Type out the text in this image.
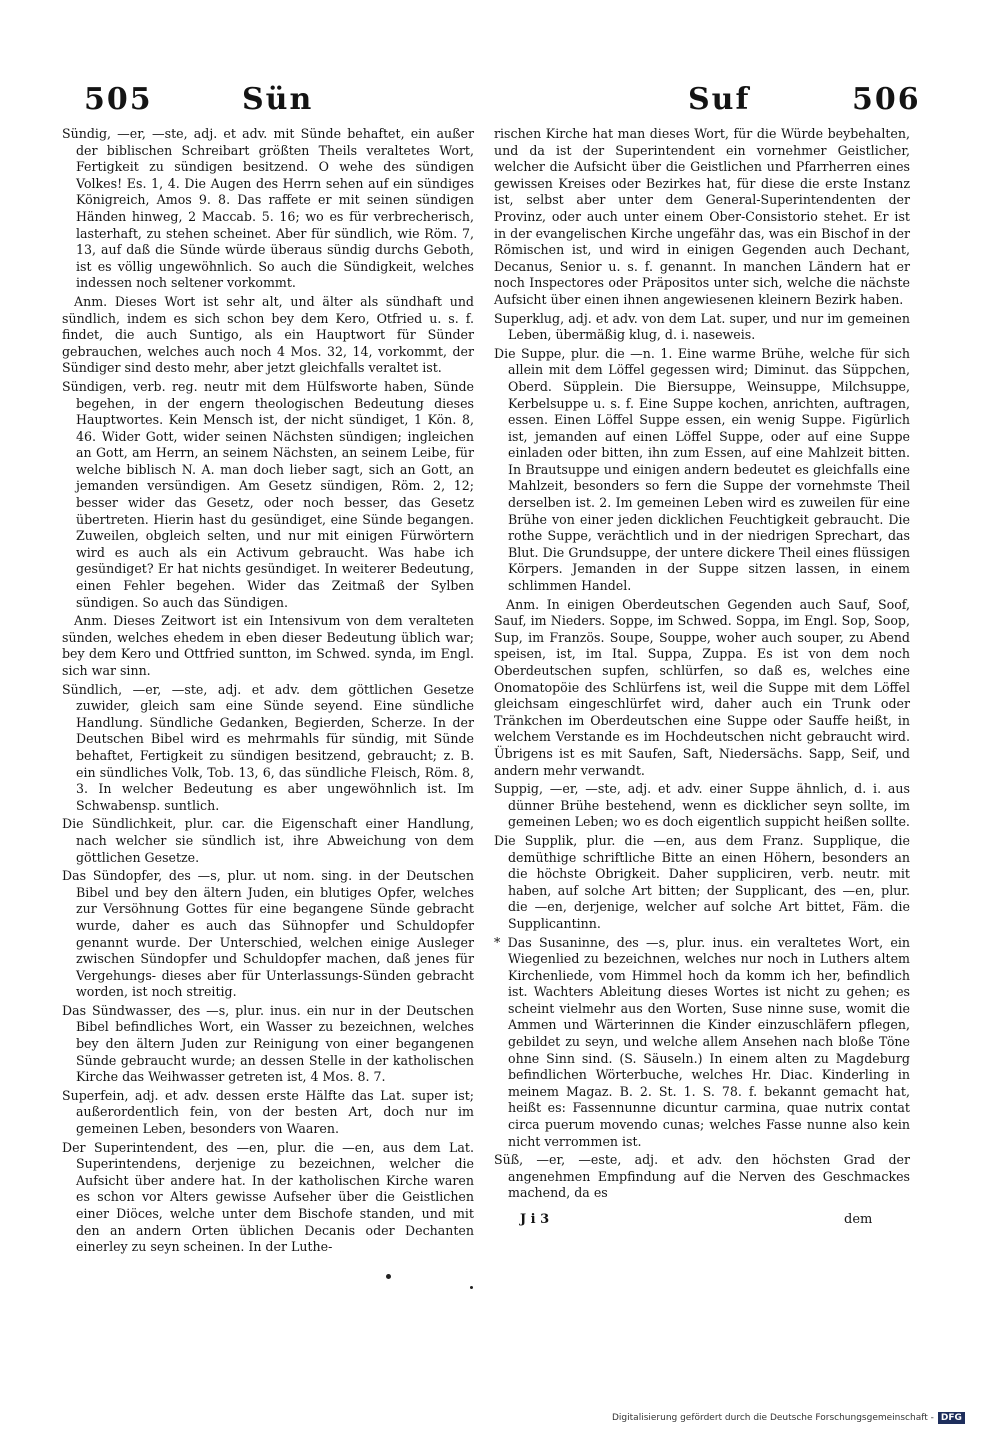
505	Sün	Suf	506

Sündig, —er, —ste, adj. et adv. mit Sünde behaftet, ein außer der biblischen Schreibart größten Theils veraltetes Wort, Fertigkeit zu sündigen besitzend. O wehe des sündigen Volkes! Es. 1, 4. Die Augen des Herrn sehen auf ein sündiges Königreich, Amos 9. 8. Das raffete er mit seinen sündigen Händen hinweg, 2 Maccab. 5. 16; wo es für verbrecherisch, lasterhaft, zu stehen scheinet. Aber für sündlich, wie Röm. 7, 13, auf daß die Sünde würde überaus sündig durchs Geboth, ist es völlig ungewöhnlich. So auch die Sündigkeit, welches indessen noch seltener vorkommt.

Anm. Dieses Wort ist sehr alt, und älter als sündhaft und sündlich, indem es sich schon bey dem Kero, Otfried u. s. f. findet, die auch Suntigo, als ein Hauptwort für Sünder gebrauchen, welches auch noch 4 Mos. 32, 14, vorkommt, der Sündiger sind desto mehr, aber jetzt gleichfalls veraltet ist.

Sündigen, verb. reg. neutr mit dem Hülfsworte haben, Sünde begehen, in der engern theologischen Bedeutung dieses Hauptwortes. Kein Mensch ist, der nicht sündiget, 1 Kön. 8, 46. Wider Gott, wider seinen Nächsten sündigen; ingleichen an Gott, am Herrn, an seinem Nächsten, an seinem Leibe, für welche biblisch N. A. man doch lieber sagt, sich an Gott, an jemanden versündigen. Am Gesetz sündigen, Röm. 2, 12; besser wider das Gesetz, oder noch besser, das Gesetz übertreten. Hierin hast du gesündiget, eine Sünde begangen. Zuweilen, obgleich selten, und nur mit einigen Fürwörtern wird es auch als ein Activum gebraucht. Was habe ich gesündiget? Er hat nichts gesündiget. In weiterer Bedeutung, einen Fehler begehen. Wider das Zeitmaß der Sylben sündigen. So auch das Sündigen.

Anm. Dieses Zeitwort ist ein Intensivum von dem veralteten sünden, welches ehedem in eben dieser Bedeutung üblich war; bey dem Kero und Ottfried suntton, im Schwed. synda, im Engl. sich war sinn.

Sündlich, —er, —ste, adj. et adv. dem göttlichen Gesetze zuwider, gleich sam eine Sünde seyend. Eine sündliche Handlung. Sündliche Gedanken, Begierden, Scherze. In der Deutschen Bibel wird es mehrmahls für sündig, mit Sünde behaftet, Fertigkeit zu sündigen besitzend, gebraucht; z. B. ein sündliches Volk, Tob. 13, 6, das sündliche Fleisch, Röm. 8, 3. In welcher Bedeutung es aber ungewöhnlich ist. Im Schwabensp. suntlich.

Die Sündlichkeit, plur. car. die Eigenschaft einer Handlung, nach welcher sie sündlich ist, ihre Abweichung von dem göttlichen Gesetze.

Das Sündopfer, des —s, plur. ut nom. sing. in der Deutschen Bibel und bey den ältern Juden, ein blutiges Opfer, welches zur Versöhnung Gottes für eine begangene Sünde gebracht wurde, daher es auch das Sühnopfer und Schuldopfer genannt wurde. Der Unterschied, welchen einige Ausleger zwischen Sündopfer und Schuldopfer machen, daß jenes für Vergehungs- dieses aber für Unterlassungs-Sünden gebracht worden, ist noch streitig.

Das Sündwasser, des —s, plur. inus. ein nur in der Deutschen Bibel befindliches Wort, ein Wasser zu bezeichnen, welches bey den ältern Juden zur Reinigung von einer begangenen Sünde gebraucht wurde; an dessen Stelle in der katholischen Kirche das Weihwasser getreten ist, 4 Mos. 8. 7.

Superfein, adj. et adv. dessen erste Hälfte das Lat. super ist; außerordentlich fein, von der besten Art, doch nur im gemeinen Leben, besonders von Waaren.

Der Superintendent, des —en, plur. die —en, aus dem Lat. Superintendens, derjenige zu bezeichnen, welcher die Aufsicht über andere hat. In der katholischen Kirche waren es schon vor Alters gewisse Aufseher über die Geistlichen einer Diöces, welche unter dem Bischofe standen, und mit den an andern Orten üblichen Decanis oder Dechanten einerley zu seyn scheinen. In der Luthe-

rischen Kirche hat man dieses Wort, für die Würde beybehalten, und da ist der Superintendent ein vornehmer Geistlicher, welcher die Aufsicht über die Geistlichen und Pfarrherren eines gewissen Kreises oder Bezirkes hat, für diese die erste Instanz ist, selbst aber unter dem General-Superintendenten der Provinz, oder auch unter einem Ober-Consistorio stehet. Er ist in der evangelischen Kirche ungefähr das, was ein Bischof in der Römischen ist, und wird in einigen Gegenden auch Dechant, Decanus, Senior u. s. f. genannt. In manchen Ländern hat er noch Inspectores oder Präpositos unter sich, welche die nächste Aufsicht über einen ihnen angewiesenen kleinern Bezirk haben.

Superklug, adj. et adv. von dem Lat. super, und nur im gemeinen Leben, übermäßig klug, d. i. naseweis.

Die Suppe, plur. die —n. 1. Eine warme Brühe, welche für sich allein mit dem Löffel gegessen wird; Diminut. das Süppchen, Oberd. Süpplein. Die Biersuppe, Weinsuppe, Milchsuppe, Kerbelsuppe u. s. f. Eine Suppe kochen, anrichten, auftragen, essen. Einen Löffel Suppe essen, ein wenig Suppe. Figürlich ist, jemanden auf einen Löffel Suppe, oder auf eine Suppe einladen oder bitten, ihn zum Essen, auf eine Mahlzeit bitten. In Brautsuppe und einigen andern bedeutet es gleichfalls eine Mahlzeit, besonders so fern die Suppe der vornehmste Theil derselben ist. 2. Im gemeinen Leben wird es zuweilen für eine Brühe von einer jeden dicklichen Feuchtigkeit gebraucht. Die rothe Suppe, verächtlich und in der niedrigen Sprechart, das Blut. Die Grundsuppe, der untere dickere Theil eines flüssigen Körpers. Jemanden in der Suppe sitzen lassen, in einem schlimmen Handel.

Anm. In einigen Oberdeutschen Gegenden auch Sauf, Soof, Sauf, im Nieders. Soppe, im Schwed. Soppa, im Engl. Sop, Soop, Sup, im Französ. Soupe, Souppe, woher auch souper, zu Abend speisen, ist, im Ital. Suppa, Zuppa. Es ist von dem noch Oberdeutschen supfen, schlürfen, so daß es, welches eine Onomatopöie des Schlürfens ist, weil die Suppe mit dem Löffel gleichsam eingeschlürfet wird, daher auch ein Trunk oder Tränkchen im Oberdeutschen eine Suppe oder Sauffe heißt, in welchem Verstande es im Hochdeutschen nicht gebraucht wird. Übrigens ist es mit Saufen, Saft, Niedersächs. Sapp, Seif, und andern mehr verwandt.

Suppig, —er, —ste, adj. et adv. einer Suppe ähnlich, d. i. aus dünner Brühe bestehend, wenn es dicklicher seyn sollte, im gemeinen Leben; wo es doch eigentlich suppicht heißen sollte.

Die Supplik, plur. die —en, aus dem Franz. Supplique, die demüthige schriftliche Bitte an einen Höhern, besonders an die höchste Obrigkeit. Daher suppliciren, verb. neutr. mit haben, auf solche Art bitten; der Supplicant, des —en, plur. die —en, derjenige, welcher auf solche Art bittet, Fäm. die Supplicantinn.

* Das Susaninne, des —s, plur. inus. ein veraltetes Wort, ein Wiegenlied zu bezeichnen, welches nur noch in Luthers altem Kirchenliede, vom Himmel hoch da komm ich her, befindlich ist. Wachters Ableitung dieses Wortes ist nicht zu gehen; es scheint vielmehr aus den Worten, Suse ninne suse, womit die Ammen und Wärterinnen die Kinder einzuschläfern pflegen, gebildet zu seyn, und welche allem Ansehen nach bloße Töne ohne Sinn sind. (S. Säuseln.) In einem alten zu Magdeburg befindlichen Wörterbuche, welches Hr. Diac. Kinderling in meinem Magaz. B. 2. St. 1. S. 78. f. bekannt gemacht hat, heißt es: Fassennunne dicuntur carmina, quae nutrix contat circa puerum movendo cunas; welches Fasse nunne also kein nicht verrommen ist.

Süß, —er, —este, adj. et adv. den höchsten Grad der angenehmen Empfindung auf die Nerven des Geschmackes machend, da es

J i 3	dem
Digitalisierung gefördert durch die Deutsche Forschungsgemeinschaft - DFG
